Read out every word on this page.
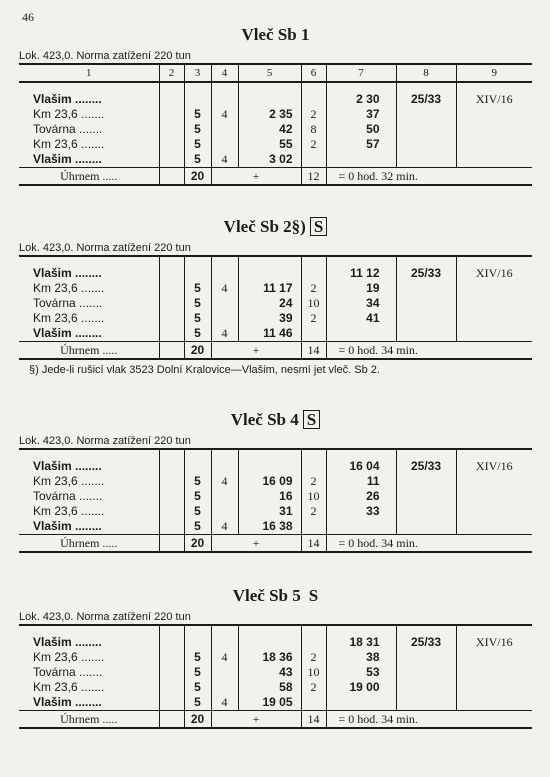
46
Vleč Sb 1
Lok. 423,0. Norma zatížení 220 tun
1	2	3	4	5	6	7	8	9

Vlašim ........						2 30	25/33	XIV/16
Km 23,6 .......		5	4	2 35	2	37		
Továrna .......		5		42	8	50		
Km 23,6 .......		5		55	2	57		
Vlašim ........		5	4	3 02				
Úhrnem .....		20	+		12	= 0 hod. 32 min.		
Vleč Sb 2§) S
Lok. 423,0. Norma zatížení 220 tun

Vlašim ........						11 12	25/33	XIV/16
Km 23,6 .......		5	4	11 17	2	19		
Továrna .......		5		24	10	34		
Km 23,6 .......		5		39	2	41		
Vlašim ........		5	4	11 46				
Úhrnem .....		20	+		14	= 0 hod. 34 min.		
§) Jede-li rušicí vlak 3523 Dolní Kralovice—Vlašim, nesmí jet vleč. Sb 2.
Vleč Sb 4 S
Lok. 423,0. Norma zatížení 220 tun

Vlašim ........						16 04	25/33	XIV/16
Km 23,6 .......		5	4	16 09	2	11		
Továrna .......		5		16	10	26		
Km 23,6 .......		5		31	2	33		
Vlašim ........		5	4	16 38				
Úhrnem .....		20	+		14	= 0 hod. 34 min.		
Vleč Sb 5 S
Lok. 423,0. Norma zatížení 220 tun

Vlašim ........						18 31	25/33	XIV/16
Km 23,6 .......		5	4	18 36	2	38		
Továrna .......		5		43	10	53		
Km 23,6 .......		5		58	2	19 00		
Vlašim ........		5	4	19 05				
Úhrnem .....		20	+		14	= 0 hod. 34 min.		
